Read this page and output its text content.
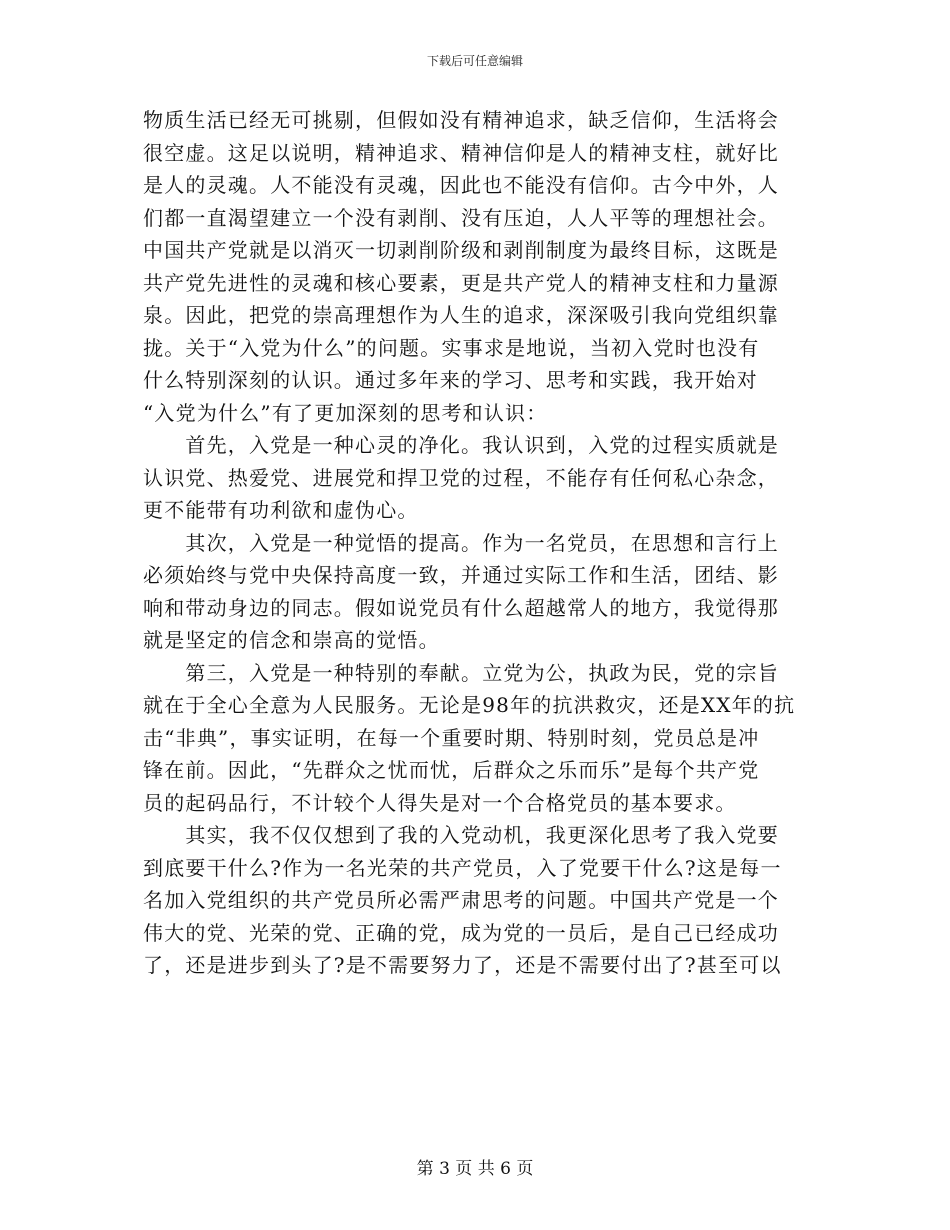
下载后可任意编辑
物质生活已经无可挑剔，但假如没有精神追求，缺乏信仰，生活将会
很空虚。这足以说明，精神追求、精神信仰是人的精神支柱，就好比
是人的灵魂。人不能没有灵魂，因此也不能没有信仰。古今中外，人
们都一直渴望建立一个没有剥削、没有压迫，人人平等的理想社会。
中国共产党就是以消灭一切剥削阶级和剥削制度为最终目标，这既是
共产党先进性的灵魂和核心要素，更是共产党人的精神支柱和力量源
泉。因此，把党的崇高理想作为人生的追求，深深吸引我向党组织靠
拢。关于“入党为什么”的问题。实事求是地说，当初入党时也没有
什么特别深刻的认识。通过多年来的学习、思考和实践，我开始对
“入党为什么”有了更加深刻的思考和认识：
　　首先，入党是一种心灵的净化。我认识到，入党的过程实质就是
认识党、热爱党、进展党和捍卫党的过程，不能存有任何私心杂念，
更不能带有功利欲和虚伪心。
　　其次，入党是一种觉悟的提高。作为一名党员，在思想和言行上
必须始终与党中央保持高度一致，并通过实际工作和生活，团结、影
响和带动身边的同志。假如说党员有什么超越常人的地方，我觉得那
就是坚定的信念和崇高的觉悟。
　　第三，入党是一种特别的奉献。立党为公，执政为民，党的宗旨
就在于全心全意为人民服务。无论是98年的抗洪救灾，还是XX年的抗
击“非典”，事实证明，在每一个重要时期、特别时刻，党员总是冲
锋在前。因此，“先群众之忧而忧，后群众之乐而乐”是每个共产党
员的起码品行，不计较个人得失是对一个合格党员的基本要求。
　　其实，我不仅仅想到了我的入党动机，我更深化思考了我入党要
到底要干什么?作为一名光荣的共产党员，入了党要干什么?这是每一
名加入党组织的共产党员所必需严肃思考的问题。中国共产党是一个
伟大的党、光荣的党、正确的党，成为党的一员后，是自己已经成功
了，还是进步到头了?是不需要努力了，还是不需要付出了?甚至可以
第 3 页 共 6 页
